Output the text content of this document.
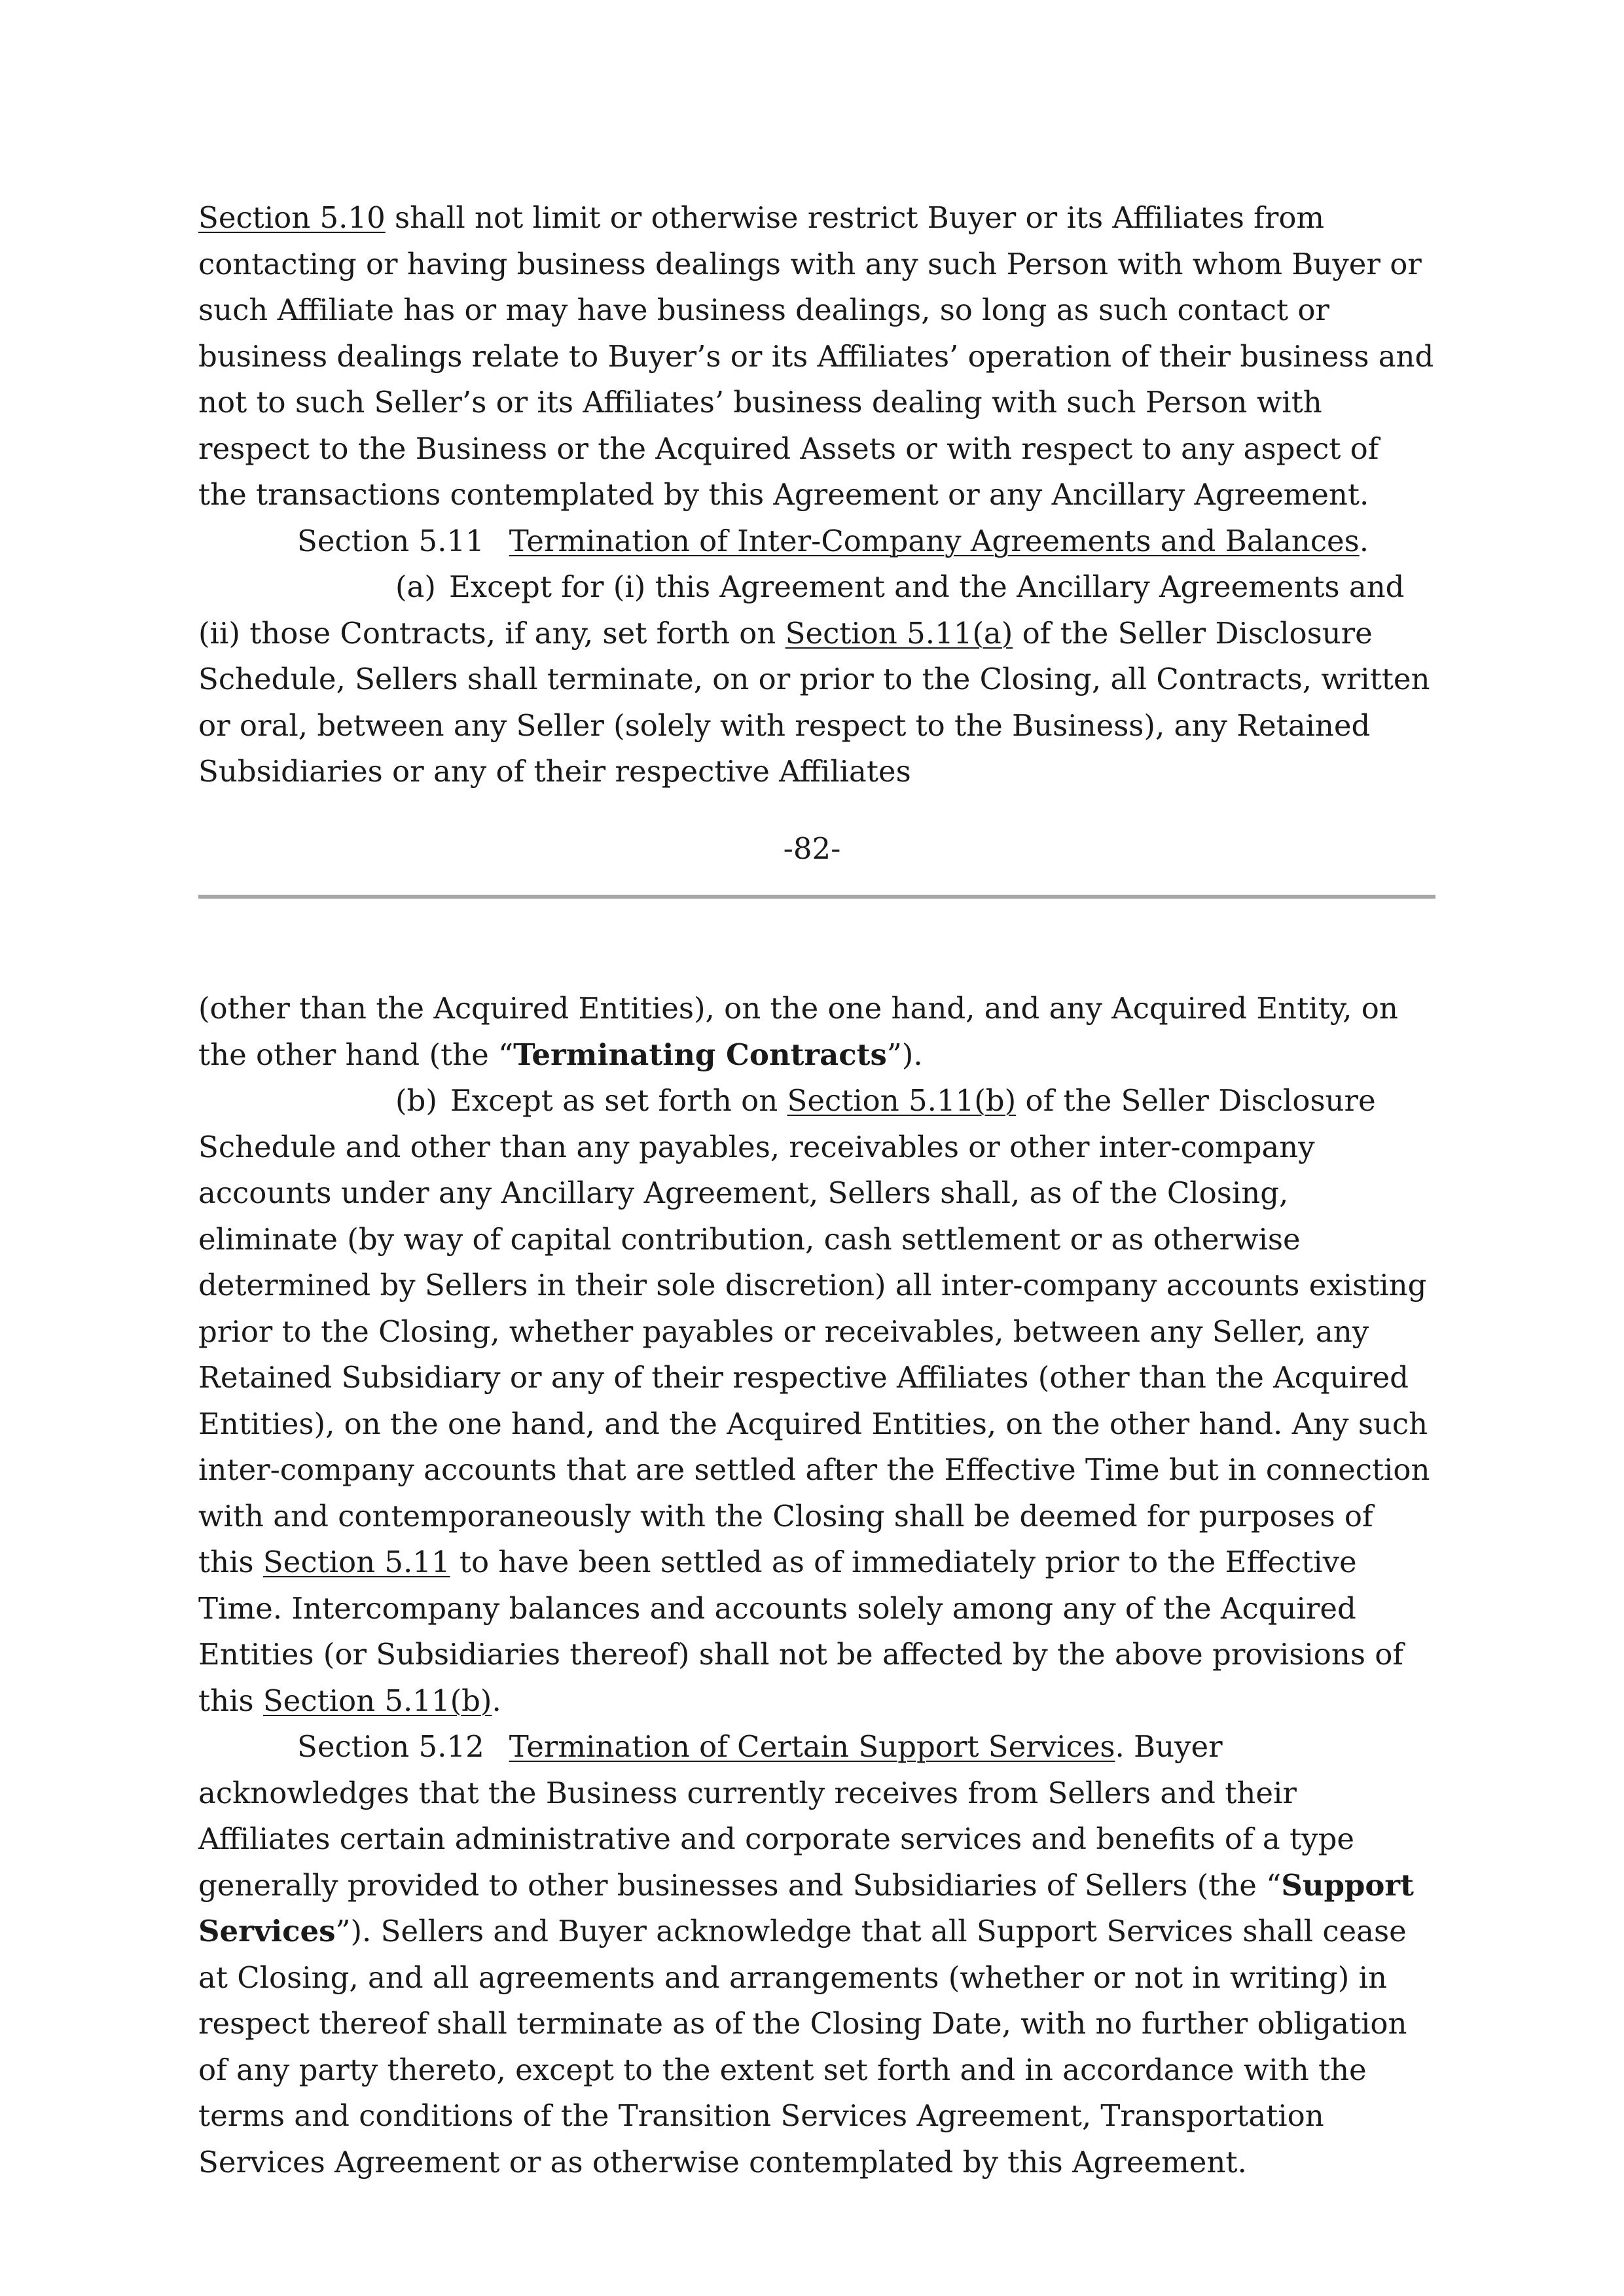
Section 5.10 shall not limit or otherwise restrict Buyer or its Affiliates from contacting or having business dealings with any such Person with whom Buyer or such Affiliate has or may have business dealings, so long as such contact or business dealings relate to Buyer’s or its Affiliates’ operation of their business and not to such Seller’s or its Affiliates’ business dealing with such Person with respect to the Business or the Acquired Assets or with respect to any aspect of the transactions contemplated by this Agreement or any Ancillary Agreement.

Section 5.11 Termination of Inter-Company Agreements and Balances.

(a) Except for (i) this Agreement and the Ancillary Agreements and (ii) those Contracts, if any, set forth on Section 5.11(a) of the Seller Disclosure Schedule, Sellers shall terminate, on or prior to the Closing, all Contracts, written or oral, between any Seller (solely with respect to the Business), any Retained Subsidiaries or any of their respective Affiliates

-82-

(other than the Acquired Entities), on the one hand, and any Acquired Entity, on the other hand (the “Terminating Contracts”).

(b) Except as set forth on Section 5.11(b) of the Seller Disclosure Schedule and other than any payables, receivables or other inter-company accounts under any Ancillary Agreement, Sellers shall, as of the Closing, eliminate (by way of capital contribution, cash settlement or as otherwise determined by Sellers in their sole discretion) all inter-company accounts existing prior to the Closing, whether payables or receivables, between any Seller, any Retained Subsidiary or any of their respective Affiliates (other than the Acquired Entities), on the one hand, and the Acquired Entities, on the other hand. Any such inter-company accounts that are settled after the Effective Time but in connection with and contemporaneously with the Closing shall be deemed for purposes of this Section 5.11 to have been settled as of immediately prior to the Effective Time. Intercompany balances and accounts solely among any of the Acquired Entities (or Subsidiaries thereof) shall not be affected by the above provisions of this Section 5.11(b).

Section 5.12 Termination of Certain Support Services. Buyer acknowledges that the Business currently receives from Sellers and their Affiliates certain administrative and corporate services and benefits of a type generally provided to other businesses and Subsidiaries of Sellers (the “Support Services”). Sellers and Buyer acknowledge that all Support Services shall cease at Closing, and all agreements and arrangements (whether or not in writing) in respect thereof shall terminate as of the Closing Date, with no further obligation of any party thereto, except to the extent set forth and in accordance with the terms and conditions of the Transition Services Agreement, Transportation Services Agreement or as otherwise contemplated by this Agreement.
